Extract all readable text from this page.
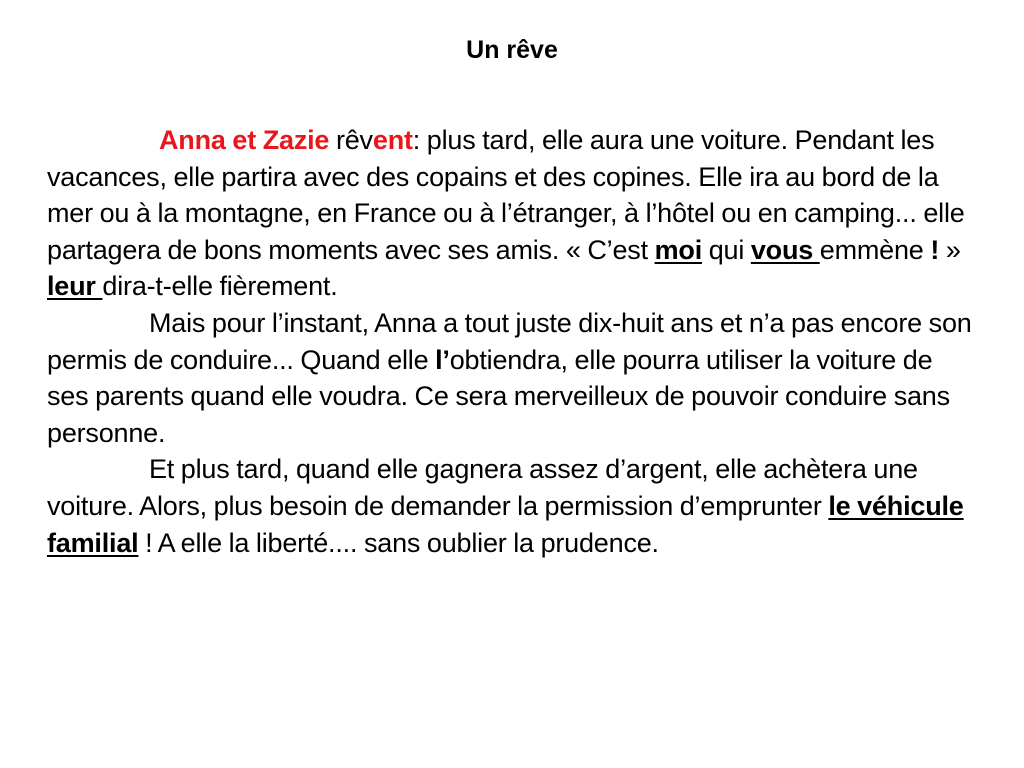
Un rêve

Anna et Zazie rêvent: plus tard, elle aura une voiture. Pendant les vacances, elle partira avec des copains et des copines. Elle ira au bord de la mer ou à la montagne, en France ou à l’étranger, à l’hôtel ou en camping... elle partagera de bons moments avec ses amis. « C’est moi qui vous emmène ! » leur dira-t-elle fièrement.

Mais pour l’instant, Anna a tout juste dix-huit ans et n’a pas encore son permis de conduire... Quand elle l’obtiendra, elle pourra utiliser la voiture de ses parents quand elle voudra. Ce sera merveilleux de pouvoir conduire sans personne.

Et plus tard, quand elle gagnera assez d’argent, elle achètera une voiture. Alors, plus besoin de demander la permission d’emprunter le véhicule familial ! A elle la liberté.... sans oublier la prudence.
